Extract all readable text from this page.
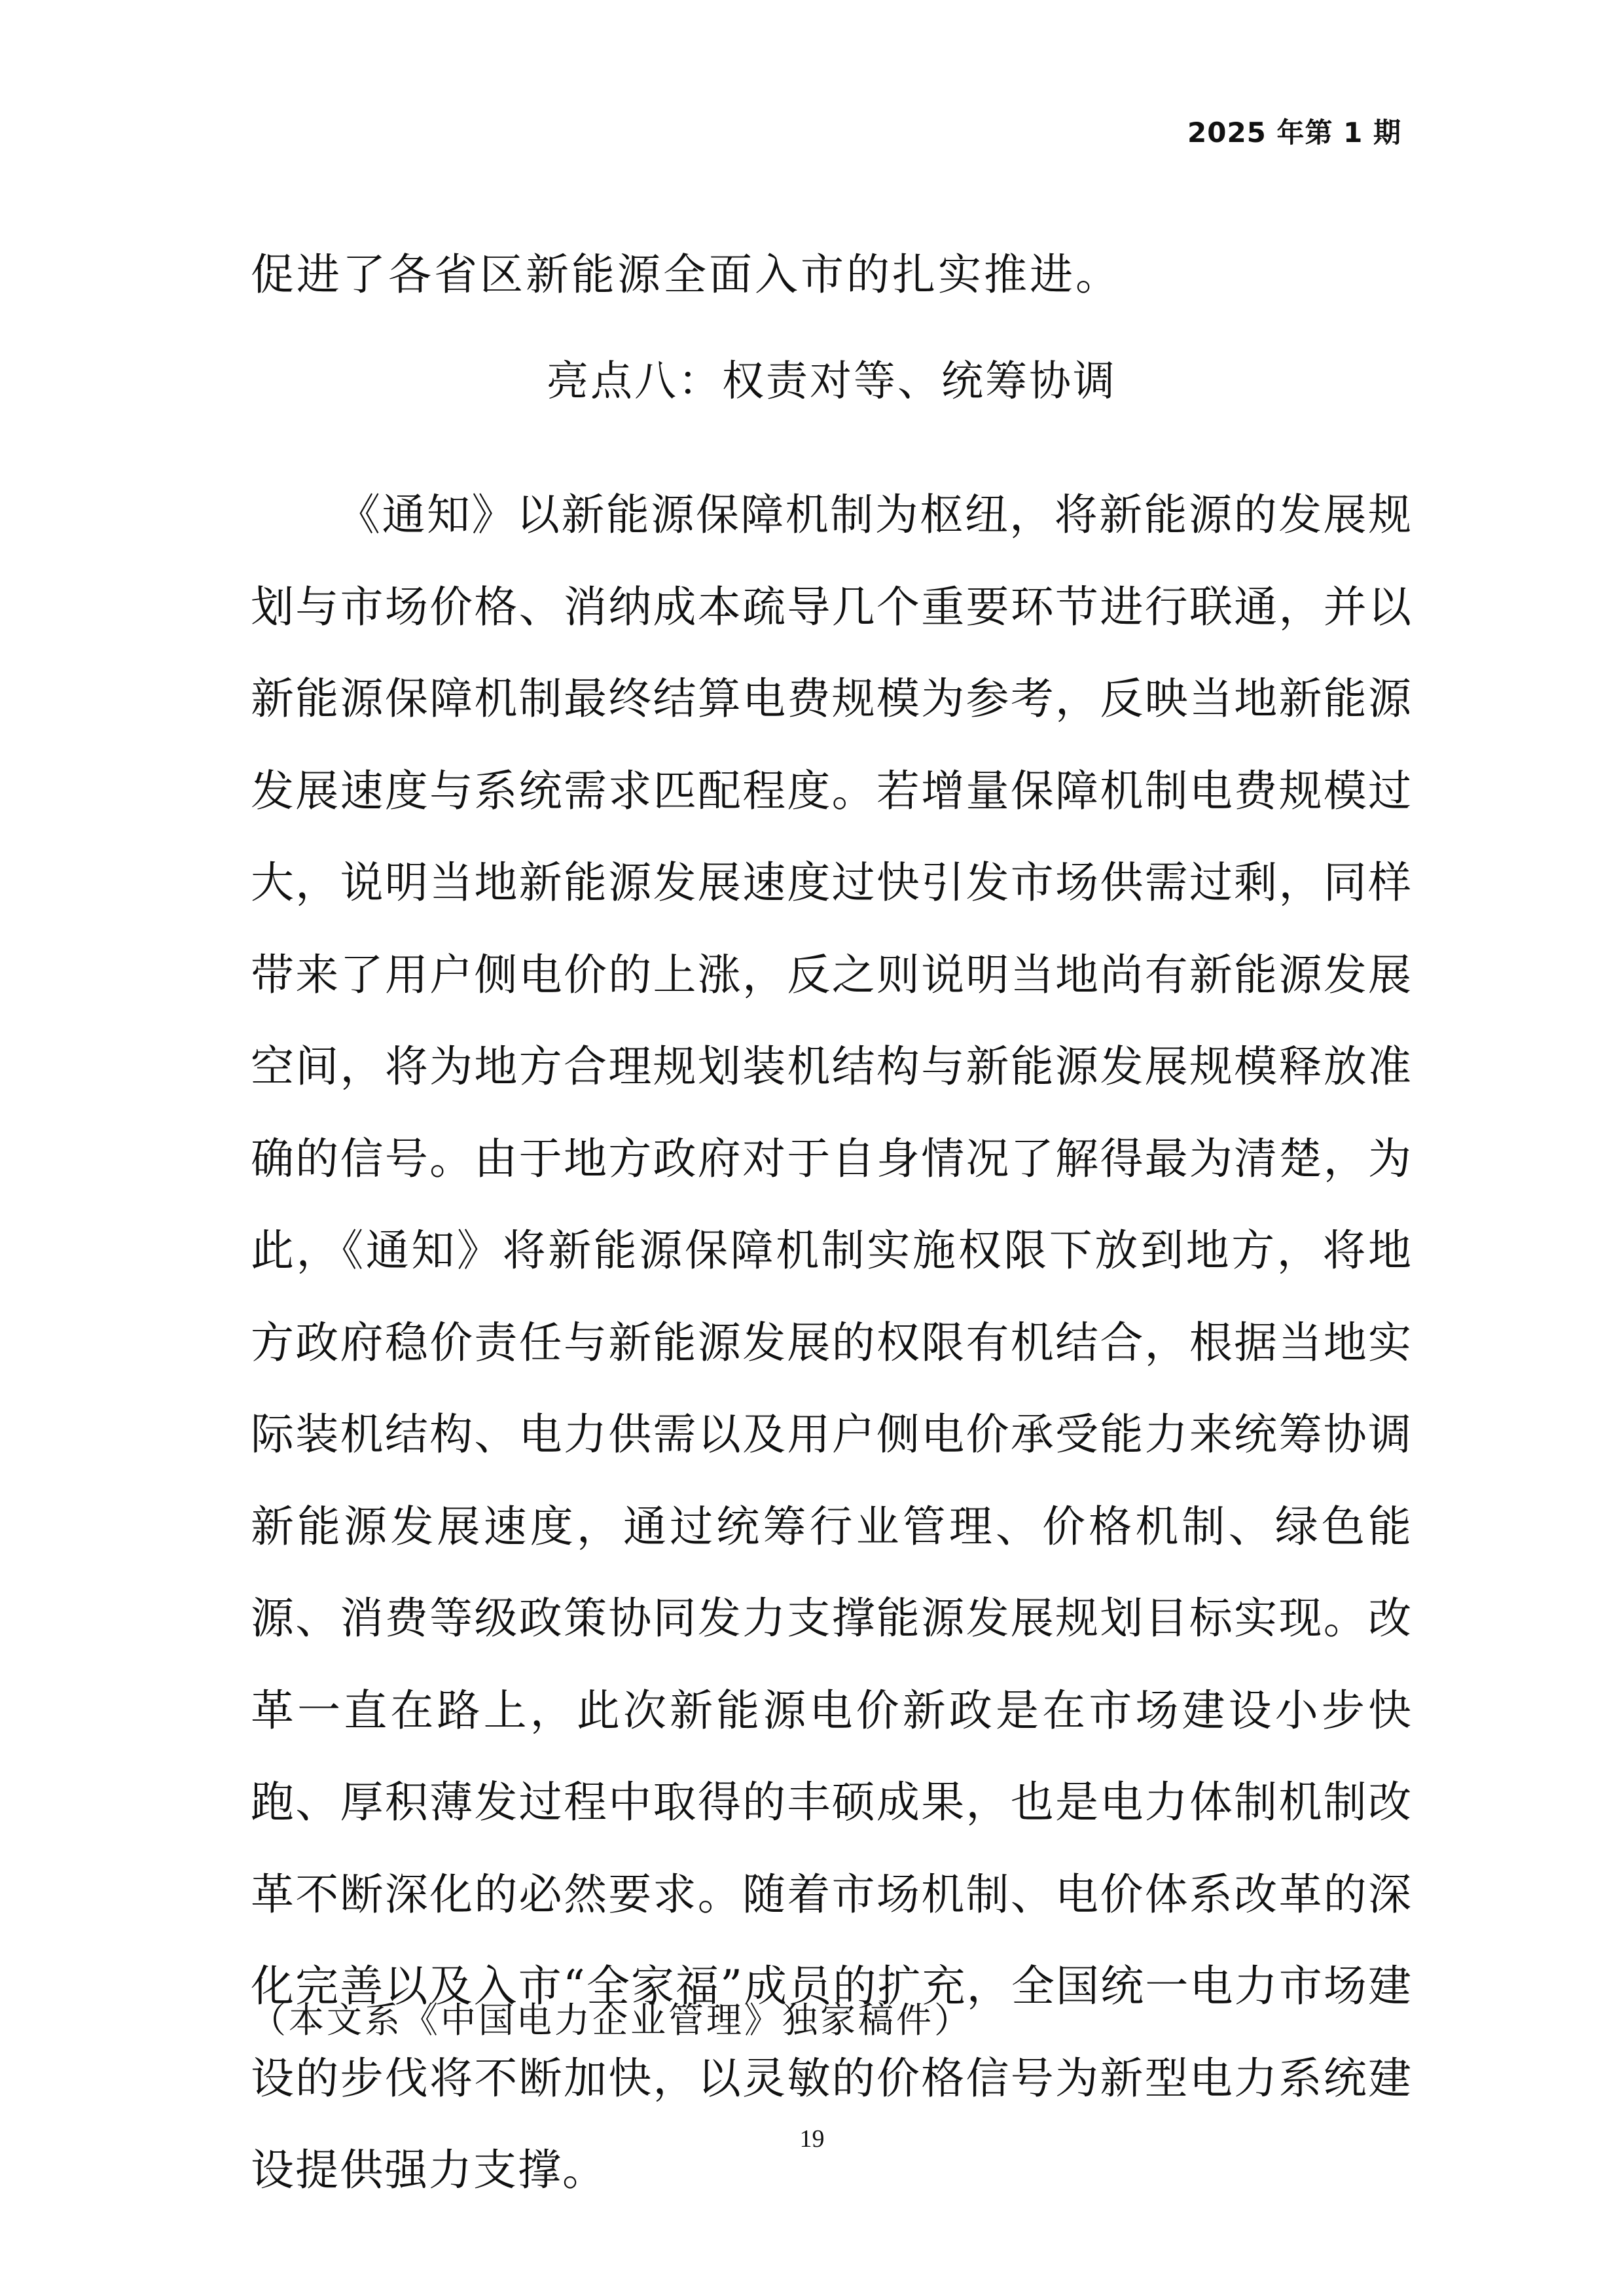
2025 年第 1 期
促进了各省区新能源全面入市的扎实推进。
亮点八：权责对等、统筹协调

《通知》以新能源保障机制为枢纽，将新能源的发展规划与市场价格、消纳成本疏导几个重要环节进行联通，并以新能源保障机制最终结算电费规模为参考，反映当地新能源发展速度与系统需求匹配程度。若增量保障机制电费规模过大，说明当地新能源发展速度过快引发市场供需过剩，同样带来了用户侧电价的上涨，反之则说明当地尚有新能源发展空间，将为地方合理规划装机结构与新能源发展规模释放准确的信号。由于地方政府对于自身情况了解得最为清楚，为此，《通知》将新能源保障机制实施权限下放到地方，将地方政府稳价责任与新能源发展的权限有机结合，根据当地实际装机结构、电力供需以及用户侧电价承受能力来统筹协调新能源发展速度，通过统筹行业管理、价格机制、绿色能源、消费等级政策协同发力支撑能源发展规划目标实现。改革一直在路上，此次新能源电价新政是在市场建设小步快跑、厚积薄发过程中取得的丰硕成果，也是电力体制机制改革不断深化的必然要求。随着市场机制、电价体系改革的深化完善以及入市“全家福”成员的扩充，全国统一电力市场建设的步伐将不断加快，以灵敏的价格信号为新型电力系统建设提供强力支撑。

（本文系《中国电力企业管理》独家稿件）
19
